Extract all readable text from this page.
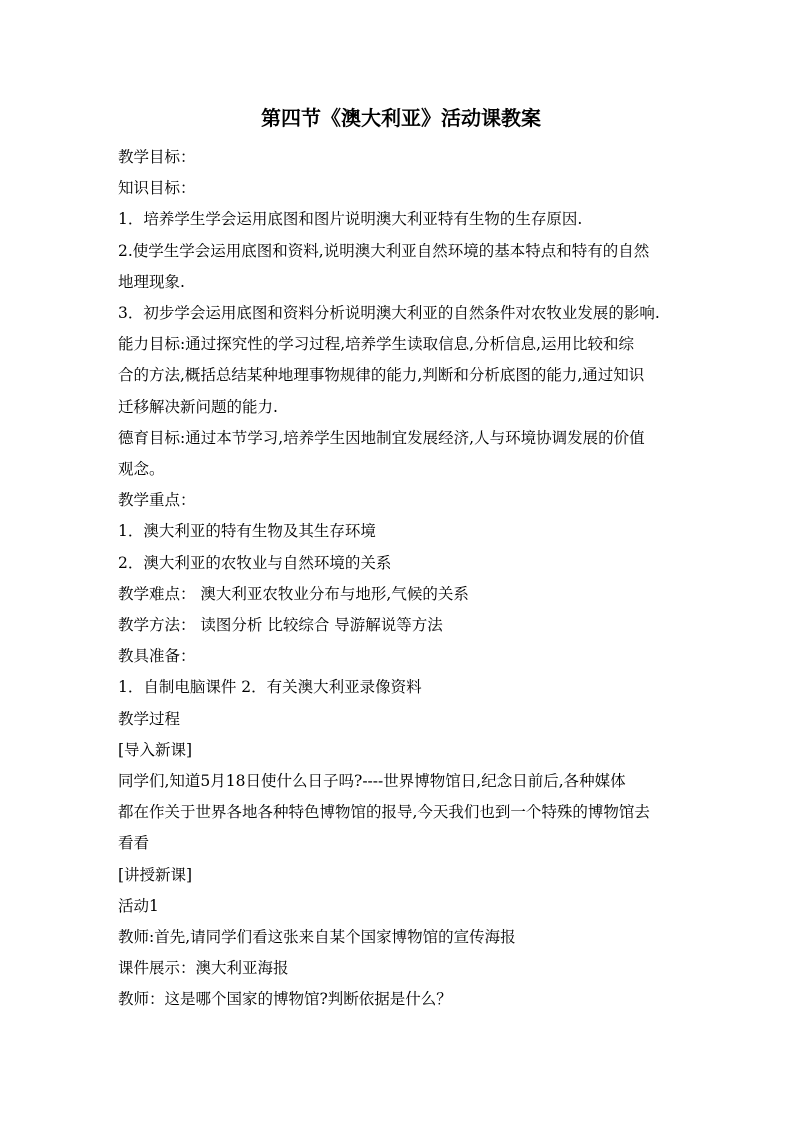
第四节《澳大利亚》活动课教案
教学目标：
知识目标：
1．培养学生学会运用底图和图片说明澳大利亚特有生物的生存原因.
2.使学生学会运用底图和资料,说明澳大利亚自然环境的基本特点和特有的自然
地理现象.
3．初步学会运用底图和资料分析说明澳大利亚的自然条件对农牧业发展的影响.
能力目标:通过探究性的学习过程,培养学生读取信息,分析信息,运用比较和综
合的方法,概括总结某种地理事物规律的能力,判断和分析底图的能力,通过知识
迁移解决新问题的能力.
德育目标:通过本节学习,培养学生因地制宜发展经济,人与环境协调发展的价值
观念。
教学重点：
1．澳大利亚的特有生物及其生存环境
2．澳大利亚的农牧业与自然环境的关系
教学难点： 澳大利亚农牧业分布与地形,气候的关系
教学方法： 读图分析 比较综合 导游解说等方法
教具准备：
1．自制电脑课件 2．有关澳大利亚录像资料
教学过程
[导入新课]
同学们,知道5月18日使什么日子吗?----世界博物馆日,纪念日前后,各种媒体
都在作关于世界各地各种特色博物馆的报导,今天我们也到一个特殊的博物馆去
看看
[讲授新课]
活动1
教师:首先,请同学们看这张来自某个国家博物馆的宣传海报
课件展示：澳大利亚海报
教师：这是哪个国家的博物馆?判断依据是什么？
